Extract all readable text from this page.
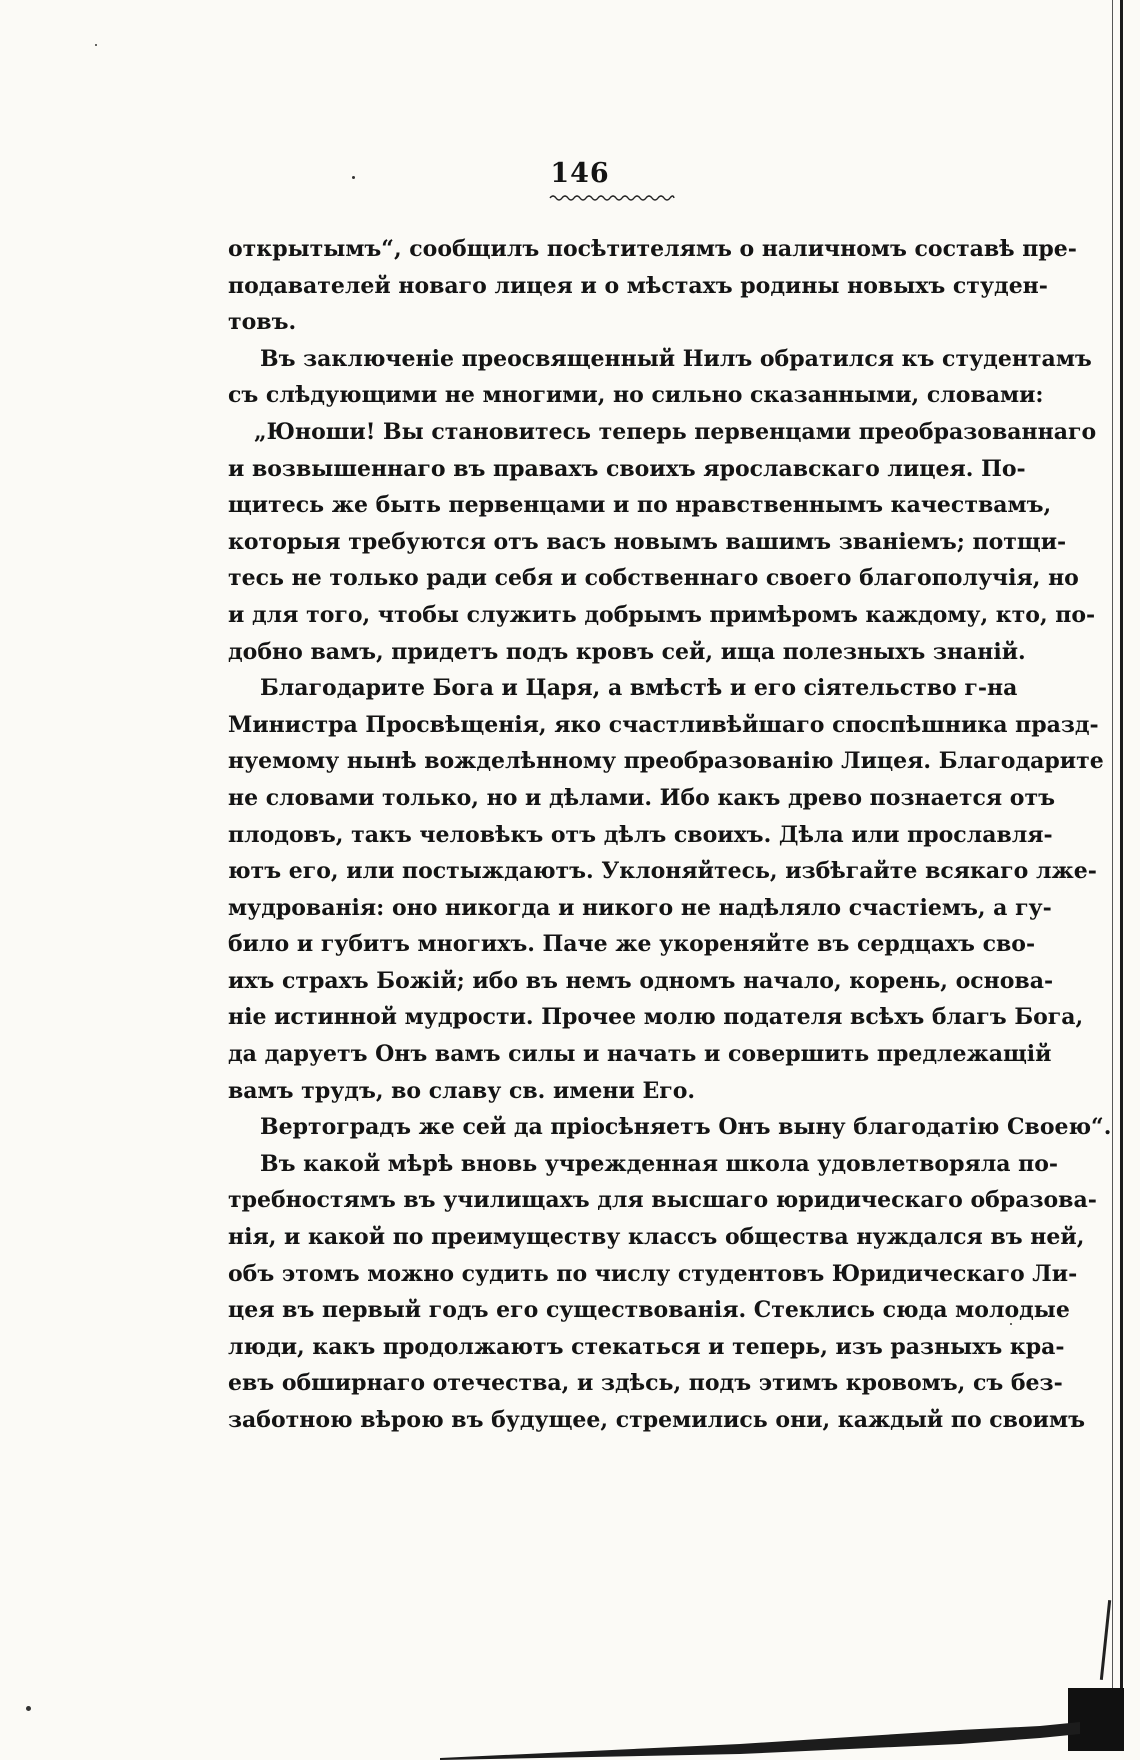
146
открытымъ“, сообщилъ посѣтителямъ о наличномъ составѣ пре-
подавателей новаго лицея и о мѣстахъ родины новыхъ студен-
товъ.
Въ заключеніе преосвященный Нилъ обратился къ студентамъ
съ слѣдующими не многими, но сильно сказанными, словами:
„Юноши! Вы становитесь теперь первенцами преобразованнаго
и возвышеннаго въ правахъ своихъ ярославскаго лицея. По-
щитесь же быть первенцами и по нравственнымъ качествамъ,
которыя требуются отъ васъ новымъ вашимъ званіемъ; потщи-
тесь не только ради себя и собственнаго своего благополучія, но
и для того, чтобы служить добрымъ примѣромъ каждому, кто, по-
добно вамъ, придетъ подъ кровъ сей, ища полезныхъ знаній.
Благодарите Бога и Царя, а вмѣстѣ и его сіятельство г-на
Министра Просвѣщенія, яко счастливѣйшаго споспѣшника празд-
нуемому нынѣ вожделѣнному преобразованію Лицея. Благодарите
не словами только, но и дѣлами. Ибо какъ древо познается отъ
плодовъ, такъ человѣкъ отъ дѣлъ своихъ. Дѣла или прославля-
ютъ его, или постыждаютъ. Уклоняйтесь, избѣгайте всякаго лже-
мудрованія: оно никогда и никого не надѣляло счастіемъ, а гу-
било и губитъ многихъ. Паче же укореняйте въ сердцахъ сво-
ихъ страхъ Божій; ибо въ немъ одномъ начало, корень, основа-
ніе истинной мудрости. Прочее молю подателя всѣхъ благъ Бога,
да даруетъ Онъ вамъ силы и начать и совершить предлежащій
вамъ трудъ, во славу св. имени Его.
Вертоградъ же сей да пріосѣняетъ Онъ выну благодатію Своею“.
Въ какой мѣрѣ вновь учрежденная школа удовлетворяла по-
требностямъ въ училищахъ для высшаго юридическаго образова-
нія, и какой по преимуществу классъ общества нуждался въ ней,
объ этомъ можно судить по числу студентовъ Юридическаго Ли-
цея въ первый годъ его существованія. Стеклись сюда молодые
люди, какъ продолжаютъ стекаться и теперь, изъ разныхъ кра-
евъ обширнаго отечества, и здѣсь, подъ этимъ кровомъ, съ без-
заботною вѣрою въ будущее, стремились они, каждый по своимъ
